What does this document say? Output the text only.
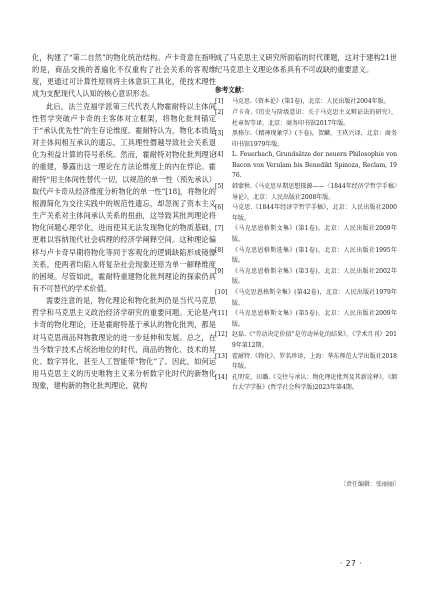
化，构建了“第二自然”的物化统治结构。卢卡奇意在指明的是，商品交换的普遍化不仅重构了社会关系的客观维度，更通过可计算性原则将主体意识工具化，使技术理性成为支配现代人认知的核心意识形态。

此后，法兰克福学派第三代代表人物霍耐特以主体间性哲学突破卢卡奇的主客体对立框架，将物化批判锚定于“承认优先性”的生存论维度。霍耐特认为，物化本质是对主体间相互承认的遗忘，工具理性僭越导致社会关系退化为利益计算的符号系统。然而，霍耐特对物化批判理论的重建，暴露出这一理论在方法论维度上的内在悖论。霍耐特“用主体间性替代一切，以规范的单一性（预先承认）取代卢卡奇从经济维度分析物化的单一性”[18]，将物化的根源简化为交往实践中的规范性遗忘，却忽视了资本主义生产关系对主体间承认关系的扭曲，这导致其批判理论将物化问题心理学化，进而使其无法发现物化的物质基础，更难以容纳现代社会病理的经济学阐释空间。这种理论偏移与卢卡奇早期将物化等同于客观化的逻辑缺陷形成镜像关系，使两者均陷入将复杂社会现象还原为单一解释维度的困境。尽管如此，霍耐特重建物化批判理论的探索仍具有不可替代的学术价值。

需要注意的是，物化理论和物化批判仍是当代马克思哲学和马克思主义政治经济学研究的重要问题。无论是卢卡奇的物化理论，还是霍耐特基于承认的物化批判，都是对马克思商品拜物教理论的进一步延伸和发展。总之，在当今数字技术占统治地位的时代，商品的物化、技术的异化、数字异化，甚至人工智能带“物化”了。因此，如何运用马克思主义的历史唯物主义来分析数字化时代的新物化现象，建构新的物化批判理论，就构

成了马克思主义研究所面临的时代课题，这对于建构21世纪马克思主义理论体系具有不可或缺的重要意义。

参考文献：
[1]	马克思.《资本论》(第1卷)，北京：人民出版社2004年版。
[2]	卢卡奇.《历史与阶级意识：关于马克思主义辩证法的研究》，杜章智等译，北京：商务印书馆2017年版。
[3]	黑格尔.《精神现象学》(下卷)，贺麟，王玖兴译，北京：商务印书馆1979年版。
[4]	L. Feuerbach, Grundsätze der neuern Philosophie von Bacon von Verulam bis Benedikt Spinoza, Reclam, 1976.
[5]	韩蒙秋.《马克思早期思想探源——〈1844年经济学哲学手稿〉导论》，北京：人民出版社2008年版。
[6]	马克思.《1844年经济学哲学手稿》，北京：人民出版社2000年版。
[7]	《马克思恩格斯文集》(第1卷)，北京：人民出版社2009年版。
[8]	《马克思恩格斯选集》(第1卷)，北京：人民出版社1995年版。
[9]	《马克思恩格斯全集》(第3卷)，北京：人民出版社2002年版。
[10] 《马克思恩格斯全集》(第42卷)，北京：人民出版社1979年版。
[11] 《马克思恩格斯文集》(第5卷)，北京：人民出版社2009年版。
[12] 赵磊.《“劳动决定价值”是劳动异化的结果》，《学术月刊》2019年第12期。
[13] 霍耐特.《物化》，罗名珍译，上海：华东师范大学出版社2018年版。
[14] 孔明安，田璐.《交往与承认：物化理论批判及其新诠释》，《烟台大学学报》(哲学社会科学版)2023年第4期。
〔责任编辑：张丽丽〕
· 27 ·
